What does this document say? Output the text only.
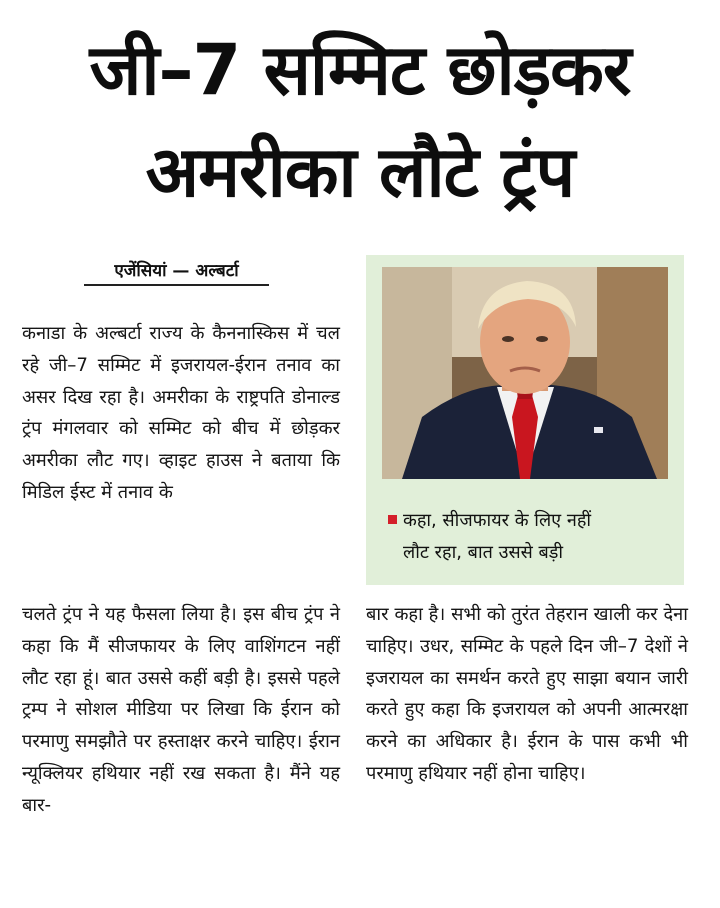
जी–7 सम्मिट छोड़कर
अमरीका लौटे ट्रंप
एजेंसियां — अल्बर्टा

कनाडा के अल्बर्टा राज्य के कैननास्किस में चल रहे जी–7 सम्मिट में इजरायल-ईरान तनाव का असर दिख रहा है। अमरीका के राष्ट्रपति डोनाल्ड ट्रंप मंगलवार को सम्मिट को बीच में छोड़कर अमरीका लौट गए। व्हाइट हाउस ने बताया कि मिडिल ईस्ट में तनाव के

कहा, सीजफायर के लिए नहीं
लौट रहा, बात उससे बड़ी

चलते ट्रंप ने यह फैसला लिया है। इस बीच ट्रंप ने कहा कि मैं सीजफायर के लिए वाशिंगटन नहीं लौट रहा हूं। बात उससे कहीं बड़ी है। इससे पहले ट्रम्प ने सोशल मीडिया पर लिखा कि ईरान को परमाणु समझौते पर हस्ताक्षर करने चाहिए। ईरान न्यूक्लियर हथियार नहीं रख सकता है। मैंने यह बार-

बार कहा है। सभी को तुरंत तेहरान खाली कर देना चाहिए। उधर, सम्मिट के पहले दिन जी–7 देशों ने इजरायल का समर्थन करते हुए साझा बयान जारी करते हुए कहा कि इजरायल को अपनी आत्मरक्षा करने का अधिकार है। ईरान के पास कभी भी परमाणु हथियार नहीं होना चाहिए।
